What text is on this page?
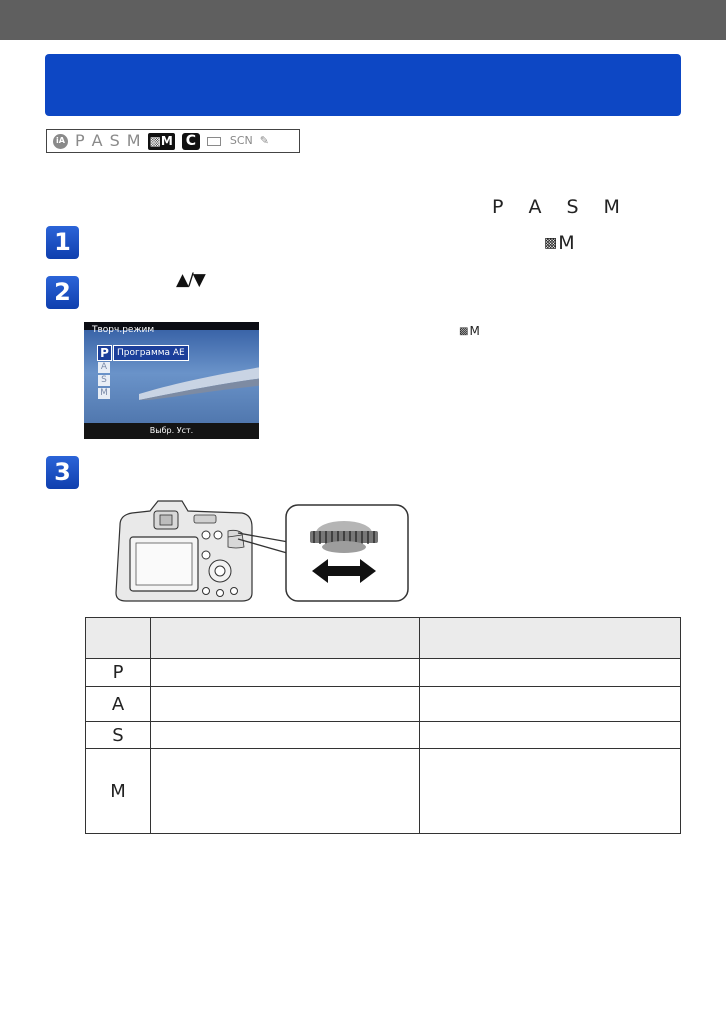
iA P A S M ▩ M C	SCN ✎
P A S M
1	▩ M
2	▲/▼
Творч.режим
P Программа АЕ
A
S
M
Выбр. Уст.
▩ M
3

P		
A		
S		
M		
